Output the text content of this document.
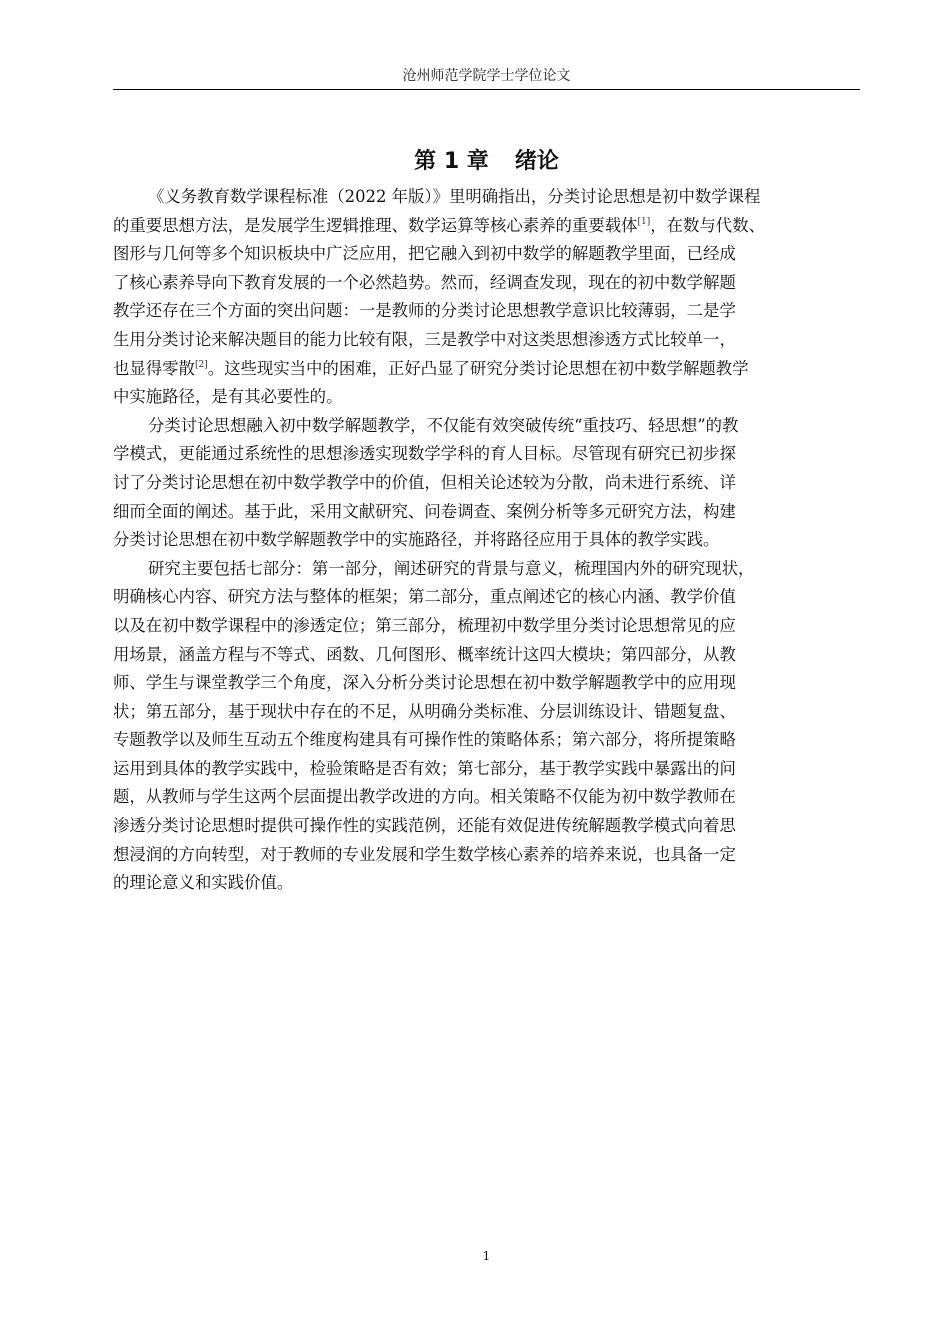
沧州师范学院学士学位论文
第 1 章 绪论
《义务教育数学课程标准（2022 年版）》里明确指出，分类讨论思想是初中数学课程
的重要思想方法，是发展学生逻辑推理、数学运算等核心素养的重要载体[1]，在数与代数、
图形与几何等多个知识板块中广泛应用，把它融入到初中数学的解题教学里面，已经成
了核心素养导向下教育发展的一个必然趋势。然而，经调查发现，现在的初中数学解题
教学还存在三个方面的突出问题：一是教师的分类讨论思想教学意识比较薄弱，二是学
生用分类讨论来解决题目的能力比较有限，三是教学中对这类思想渗透方式比较单一，
也显得零散[2]。这些现实当中的困难，正好凸显了研究分类讨论思想在初中数学解题教学
中实施路径，是有其必要性的。
分类讨论思想融入初中数学解题教学，不仅能有效突破传统“重技巧、轻思想”的教
学模式，更能通过系统性的思想渗透实现数学学科的育人目标。尽管现有研究已初步探
讨了分类讨论思想在初中数学教学中的价值，但相关论述较为分散，尚未进行系统、详
细而全面的阐述。基于此，采用文献研究、问卷调查、案例分析等多元研究方法，构建
分类讨论思想在初中数学解题教学中的实施路径，并将路径应用于具体的教学实践。
研究主要包括七部分：第一部分，阐述研究的背景与意义，梳理国内外的研究现状，
明确核心内容、研究方法与整体的框架；第二部分，重点阐述它的核心内涵、教学价值
以及在初中数学课程中的渗透定位；第三部分，梳理初中数学里分类讨论思想常见的应
用场景，涵盖方程与不等式、函数、几何图形、概率统计这四大模块；第四部分，从教
师、学生与课堂教学三个角度，深入分析分类讨论思想在初中数学解题教学中的应用现
状；第五部分，基于现状中存在的不足，从明确分类标准、分层训练设计、错题复盘、
专题教学以及师生互动五个维度构建具有可操作性的策略体系；第六部分，将所提策略
运用到具体的教学实践中，检验策略是否有效；第七部分，基于教学实践中暴露出的问
题，从教师与学生这两个层面提出教学改进的方向。相关策略不仅能为初中数学教师在
渗透分类讨论思想时提供可操作性的实践范例，还能有效促进传统解题教学模式向着思
想浸润的方向转型，对于教师的专业发展和学生数学核心素养的培养来说，也具备一定
的理论意义和实践价值。
1
